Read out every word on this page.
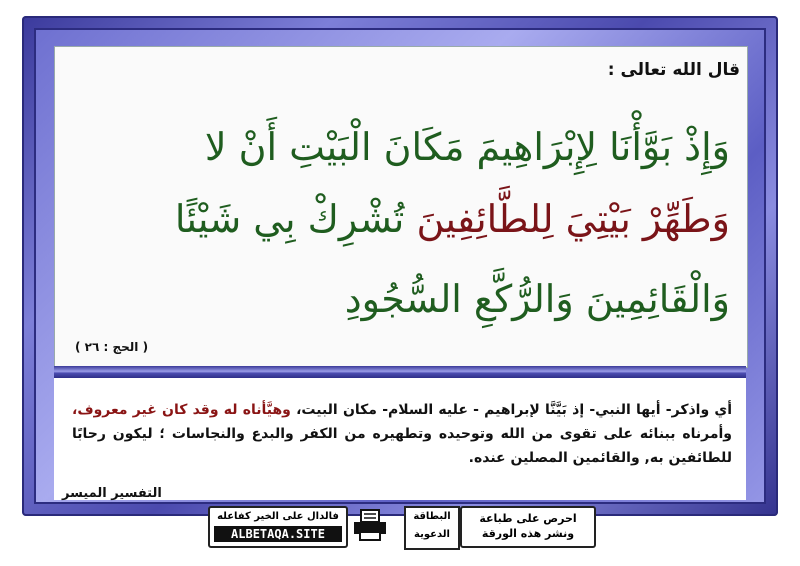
قال الله تعالى :
وَإِذْ بَوَّأْنَا لِإِبْرَاهِيمَ مَكَانَ الْبَيْتِ أَنْ لا
وَطَهِّرْ بَيْتِيَ لِلطَّائِفِينَ تُشْرِكْ بِي شَيْئًا
وَالْقَائِمِينَ وَالرُّكَّعِ السُّجُودِ
( الحج : ٢٦ )
أي واذكر- أيها النبي- إذ بَيَّنَّا لإبراهيم - عليه السلام- مكان البيت، وهيَّأناه له وقد كان غير معروف، وأمرناه ببنائه على تقوى من الله وتوحيده وتطهيره من الكفر والبدع والنجاسات ؛ ليكون رحابًا للطائفين به, والقائمين المصلين عنده.
التفسير الميسر
فالدال على الخير كفاعله
ALBETAQA.SITE
البطاقة الدعوية
احرص على طباعة
ونشر هذه الورقة
